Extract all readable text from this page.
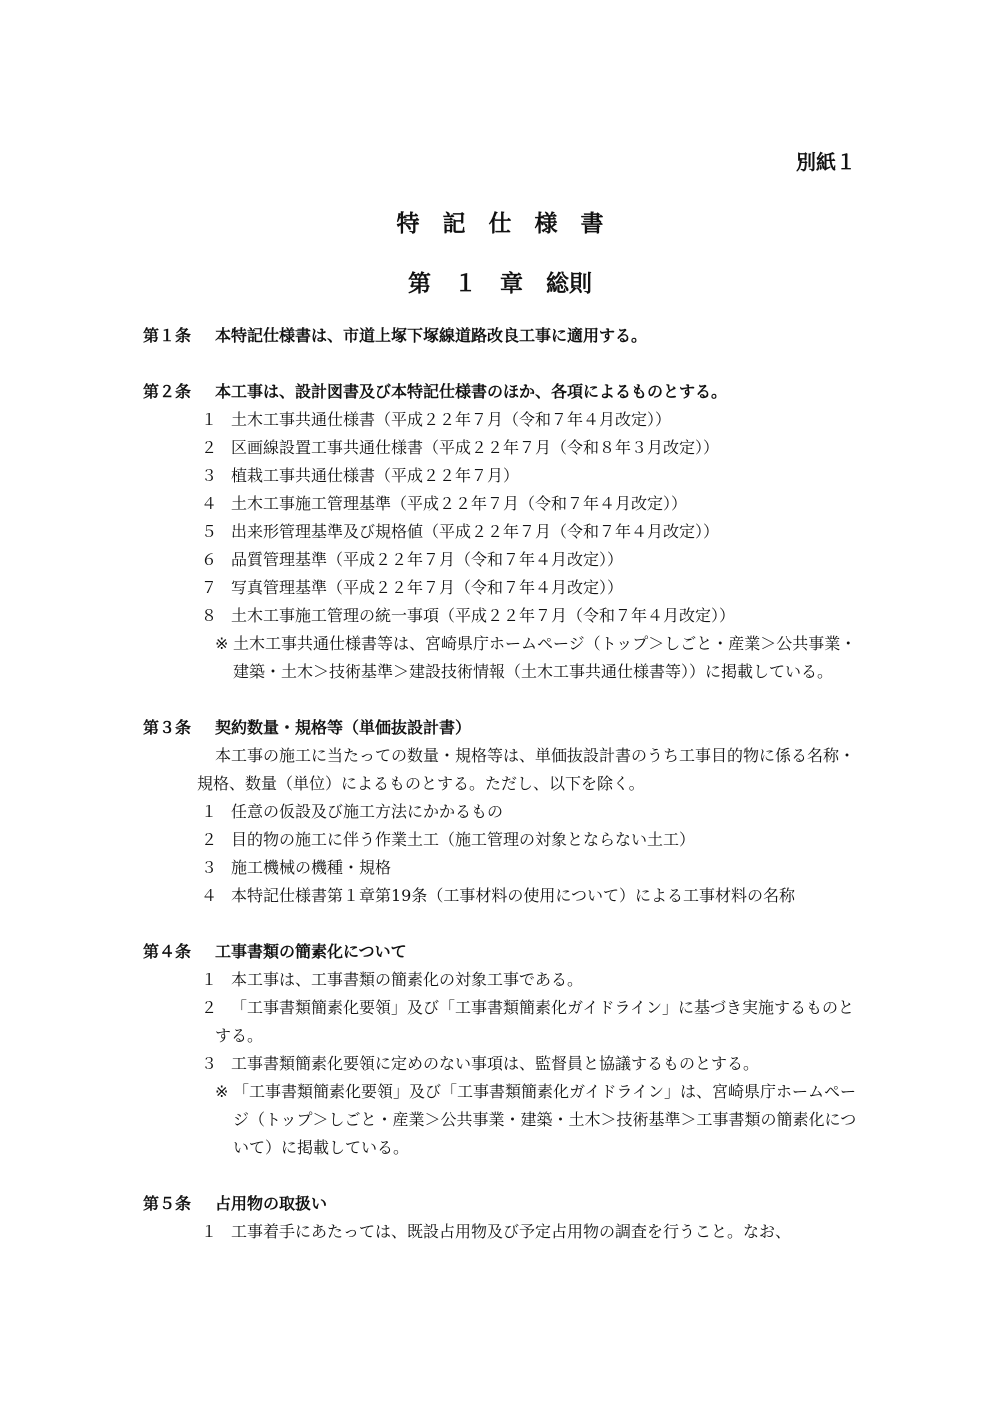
別紙１
特　記　仕　様　書
第　１　章　総則
第１条 本特記仕様書は、市道上塚下塚線道路改良工事に適用する。
第２条 本工事は、設計図書及び本特記仕様書のほか、各項によるものとする。
１ 土木工事共通仕様書（平成２２年７月（令和７年４月改定））
２ 区画線設置工事共通仕様書（平成２２年７月（令和８年３月改定））
３ 植栽工事共通仕様書（平成２２年７月）
４ 土木工事施工管理基準（平成２２年７月（令和７年４月改定））
５ 出来形管理基準及び規格値（平成２２年７月（令和７年４月改定））
６ 品質管理基準（平成２２年７月（令和７年４月改定））
７ 写真管理基準（平成２２年７月（令和７年４月改定））
８ 土木工事施工管理の統一事項（平成２２年７月（令和７年４月改定））
※ 土木工事共通仕様書等は、宮崎県庁ホームページ（トップ＞しごと・産業＞公共事業・建築・土木＞技術基準＞建設技術情報（土木工事共通仕様書等））に掲載している。
第３条 契約数量・規格等（単価抜設計書）
本工事の施工に当たっての数量・規格等は、単価抜設計書のうち工事目的物に係る名称・規格、数量（単位）によるものとする。ただし、以下を除く。
１ 任意の仮設及び施工方法にかかるもの
２ 目的物の施工に伴う作業土工（施工管理の対象とならない土工）
３ 施工機械の機種・規格
４ 本特記仕様書第１章第19条（工事材料の使用について）による工事材料の名称
第４条 工事書類の簡素化について
１ 本工事は、工事書類の簡素化の対象工事である。
２ 「工事書類簡素化要領」及び「工事書類簡素化ガイドライン」に基づき実施するものとする。
３ 工事書類簡素化要領に定めのない事項は、監督員と協議するものとする。
※ 「工事書類簡素化要領」及び「工事書類簡素化ガイドライン」は、宮崎県庁ホームページ（トップ＞しごと・産業＞公共事業・建築・土木＞技術基準＞工事書類の簡素化について）に掲載している。
第５条 占用物の取扱い
１ 工事着手にあたっては、既設占用物及び予定占用物の調査を行うこと。なお、
